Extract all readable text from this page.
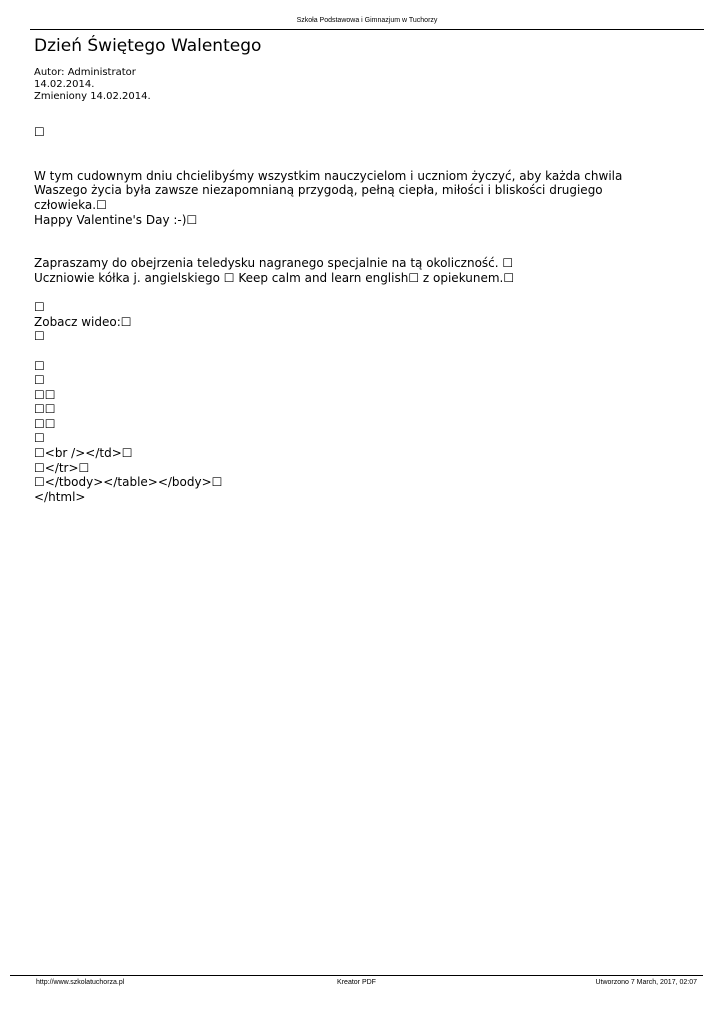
Szkoła Podstawowa i Gimnazjum w Tuchorzy
Dzień Świętego Walentego
Autor: Administrator
14.02.2014.
Zmieniony 14.02.2014.
☐
W tym cudownym dniu chcielibyśmy wszystkim nauczycielom i uczniom życzyć, aby każda chwila
Waszego życia była zawsze niezapomnianą przygodą, pełną ciepła, miłości i bliskości drugiego
człowieka.☐
Happy Valentine's Day :-)☐
Zapraszamy do obejrzenia teledysku nagranego specjalnie na tą okoliczność. ☐
Uczniowie kółka j. angielskiego ☐ Keep calm and learn english☐ z opiekunem.☐
☐
Zobacz wideo:☐
☐
☐
☐
☐☐
☐☐
☐☐
☐
☐<br /></td>☐
☐</tr>☐
☐</tbody></table></body>☐
</html>
http://www.szkolatuchorza.pl	Kreator PDF	Utworzono 7 March, 2017, 02:07
